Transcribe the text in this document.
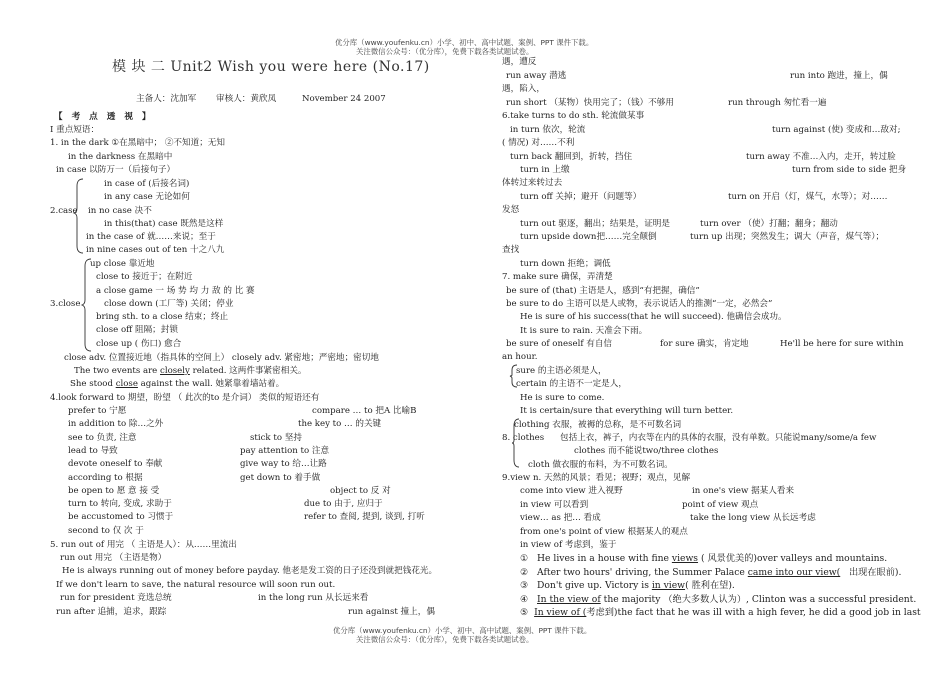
优分库（www.youfenku.cn）小学、初中、高中试题、案例、PPT 课件下载。
关注微信公众号：（优分库），免费下载各类试题试卷。
优分库（www.youfenku.cn）小学、初中、高中试题、案例、PPT 课件下载。
关注微信公众号：（优分库），免费下载各类试题试卷。
模 块 二 Unit2 Wish you were here (No.17)
主备人：沈加军 审核人：黄欣凤	November 24 2007
【 考 点 透 视 】
Ⅰ 重点短语：
1. in the dark ①在黑暗中； ②不知道；无知
in the darkness 在黑暗中
in case 以防万一（后接句子）
in case of (后接名词)
in any case 无论如何
2.case in no case 决不
in this(that) case 既然是这样
in the case of 就……来说；至于
in nine cases out of ten 十之八九
up close 靠近地
close to 接近于；在附近
a close game 一 场 势 均 力 敌 的 比 赛
3.close	close down (工厂等) 关闭；停业
bring sth. to a close 结束；终止
close off 阻隔；封锁
close up ( 伤口) 愈合
close adv. 位置接近地（指具体的空间上） closely adv. 紧密地；严密地；密切地
The two events are closely related. 这两件事紧密相关。
She stood close against the wall. 她紧靠着墙站着。
4.look forward to 期望，盼望 （ 此次的to 是介词） 类似的短语还有
prefer to 宁愿	compare … to 把A 比喻B
in addition to 除…之外	the key to … 的关键
see to 负责, 注意	stick to 坚持
lead to 导致	pay attention to 注意
devote oneself to 奉献	give way to 给…让路
according to 根据	get down to 着手做
be open to 愿 意 接 受	object to 反 对
turn to 转向, 变成, 求助于	due to 由于, 应归于
be accustomed to 习惯于	refer to 查阅, 提到, 谈到, 打听
second to 仅 次 于
5. run out of 用完 （ 主语是人）：从……里流出
run out 用完 （主语是物）
He is always running out of money before payday. 他老是发工资的日子还没到就把钱花光。
If we don't learn to save, the natural resource will soon run out.
run for president 竞选总统	in the long run 从长远来看
run after 追捕，追求，跟踪	run against 撞上，偶
遇，遭反
run away 潜逃	run into 跑进，撞上，偶
遇，陷入，
run short （某物）快用完了；（钱）不够用	run through 匆忙看一遍
6.take turns to do sth. 轮流做某事
in turn 依次，轮流	turn against (使) 变成和…敌对;
( 情况) 对……不利
turn back 翻回到，折转，挡住	turn away 不准…入内，走开，转过脸
turn in 上缴	turn from side to side 把身
体转过来转过去
turn off 关掉；避开（问题等）	turn on 开启（灯，煤气，水等）；对……
发怒
turn out 驱逐，翻出；结果是，证明是	turn over （使）打翻；翻身；翻动
turn upside down把……完全颠倒	turn up 出现；突然发生；调大（声音，煤气等）；
查找
turn down 拒绝；调低
7. make sure 确保，弄清楚
be sure of (that) 主语是人，感到“有把握，确信”
be sure to do 主语可以是人或物，表示说话人的推测“一定，必然会”
He is sure of his success(that he will succeed). 他确信会成功。
It is sure to rain. 天准会下雨。
be sure of oneself 有自信	for sure 确实，肯定地	He'll be here for sure within
an hour.
sure 的主语必须是人，
certain 的主语不一定是人，
He is sure to come.
It is certain/sure that everything will turn better.
clothing 衣服，被褥的总称，是不可数名词
8. clothes 包括上衣，裤子，内衣等在内的具体的衣服，没有单数。只能说many/some/a few
clothes 而不能说two/three clothes
cloth 做衣服的布料，为不可数名词。
9.view n. 天然的风景；看见；视野；观点，见解
come into view 进入视野	in one's view 据某人看来
in view 可以看到	point of view 观点
view… as 把… 看成	take the long view 从长远考虑
from one's point of view 根据某人的观点
in view of 考虑到，鉴于
① He lives in a house with fine views ( 风景优美的)over valleys and mountains.
② After two hours' driving, the Summer Palace came into our view( 出现在眼前).
③ Don't give up. Victory is in view( 胜利在望).
④ In the view of the majority （绝大多数人认为）, Clinton was a successful president.
⑤ In view of (考虑到)the fact that he was ill with a high fever, he did a good job in last
